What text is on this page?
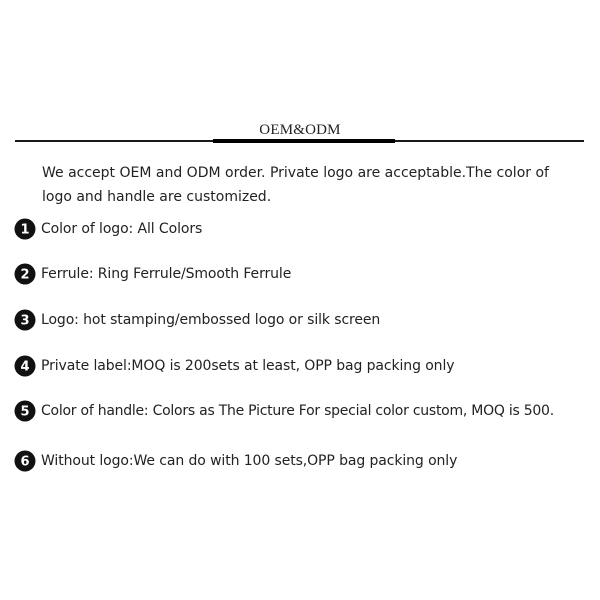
OEM&ODM
We accept OEM and ODM order. Private logo are acceptable.The color of logo and handle are customized.
1 Color of logo: All Colors
2 Ferrule: Ring Ferrule/Smooth Ferrule
3 Logo: hot stamping/embossed logo or silk screen
4 Private label:MOQ is 200sets at least, OPP bag packing only
5 Color of handle: Colors as The Picture For special color custom, MOQ is 500.
6 Without logo:We can do with 100 sets,OPP bag packing only
